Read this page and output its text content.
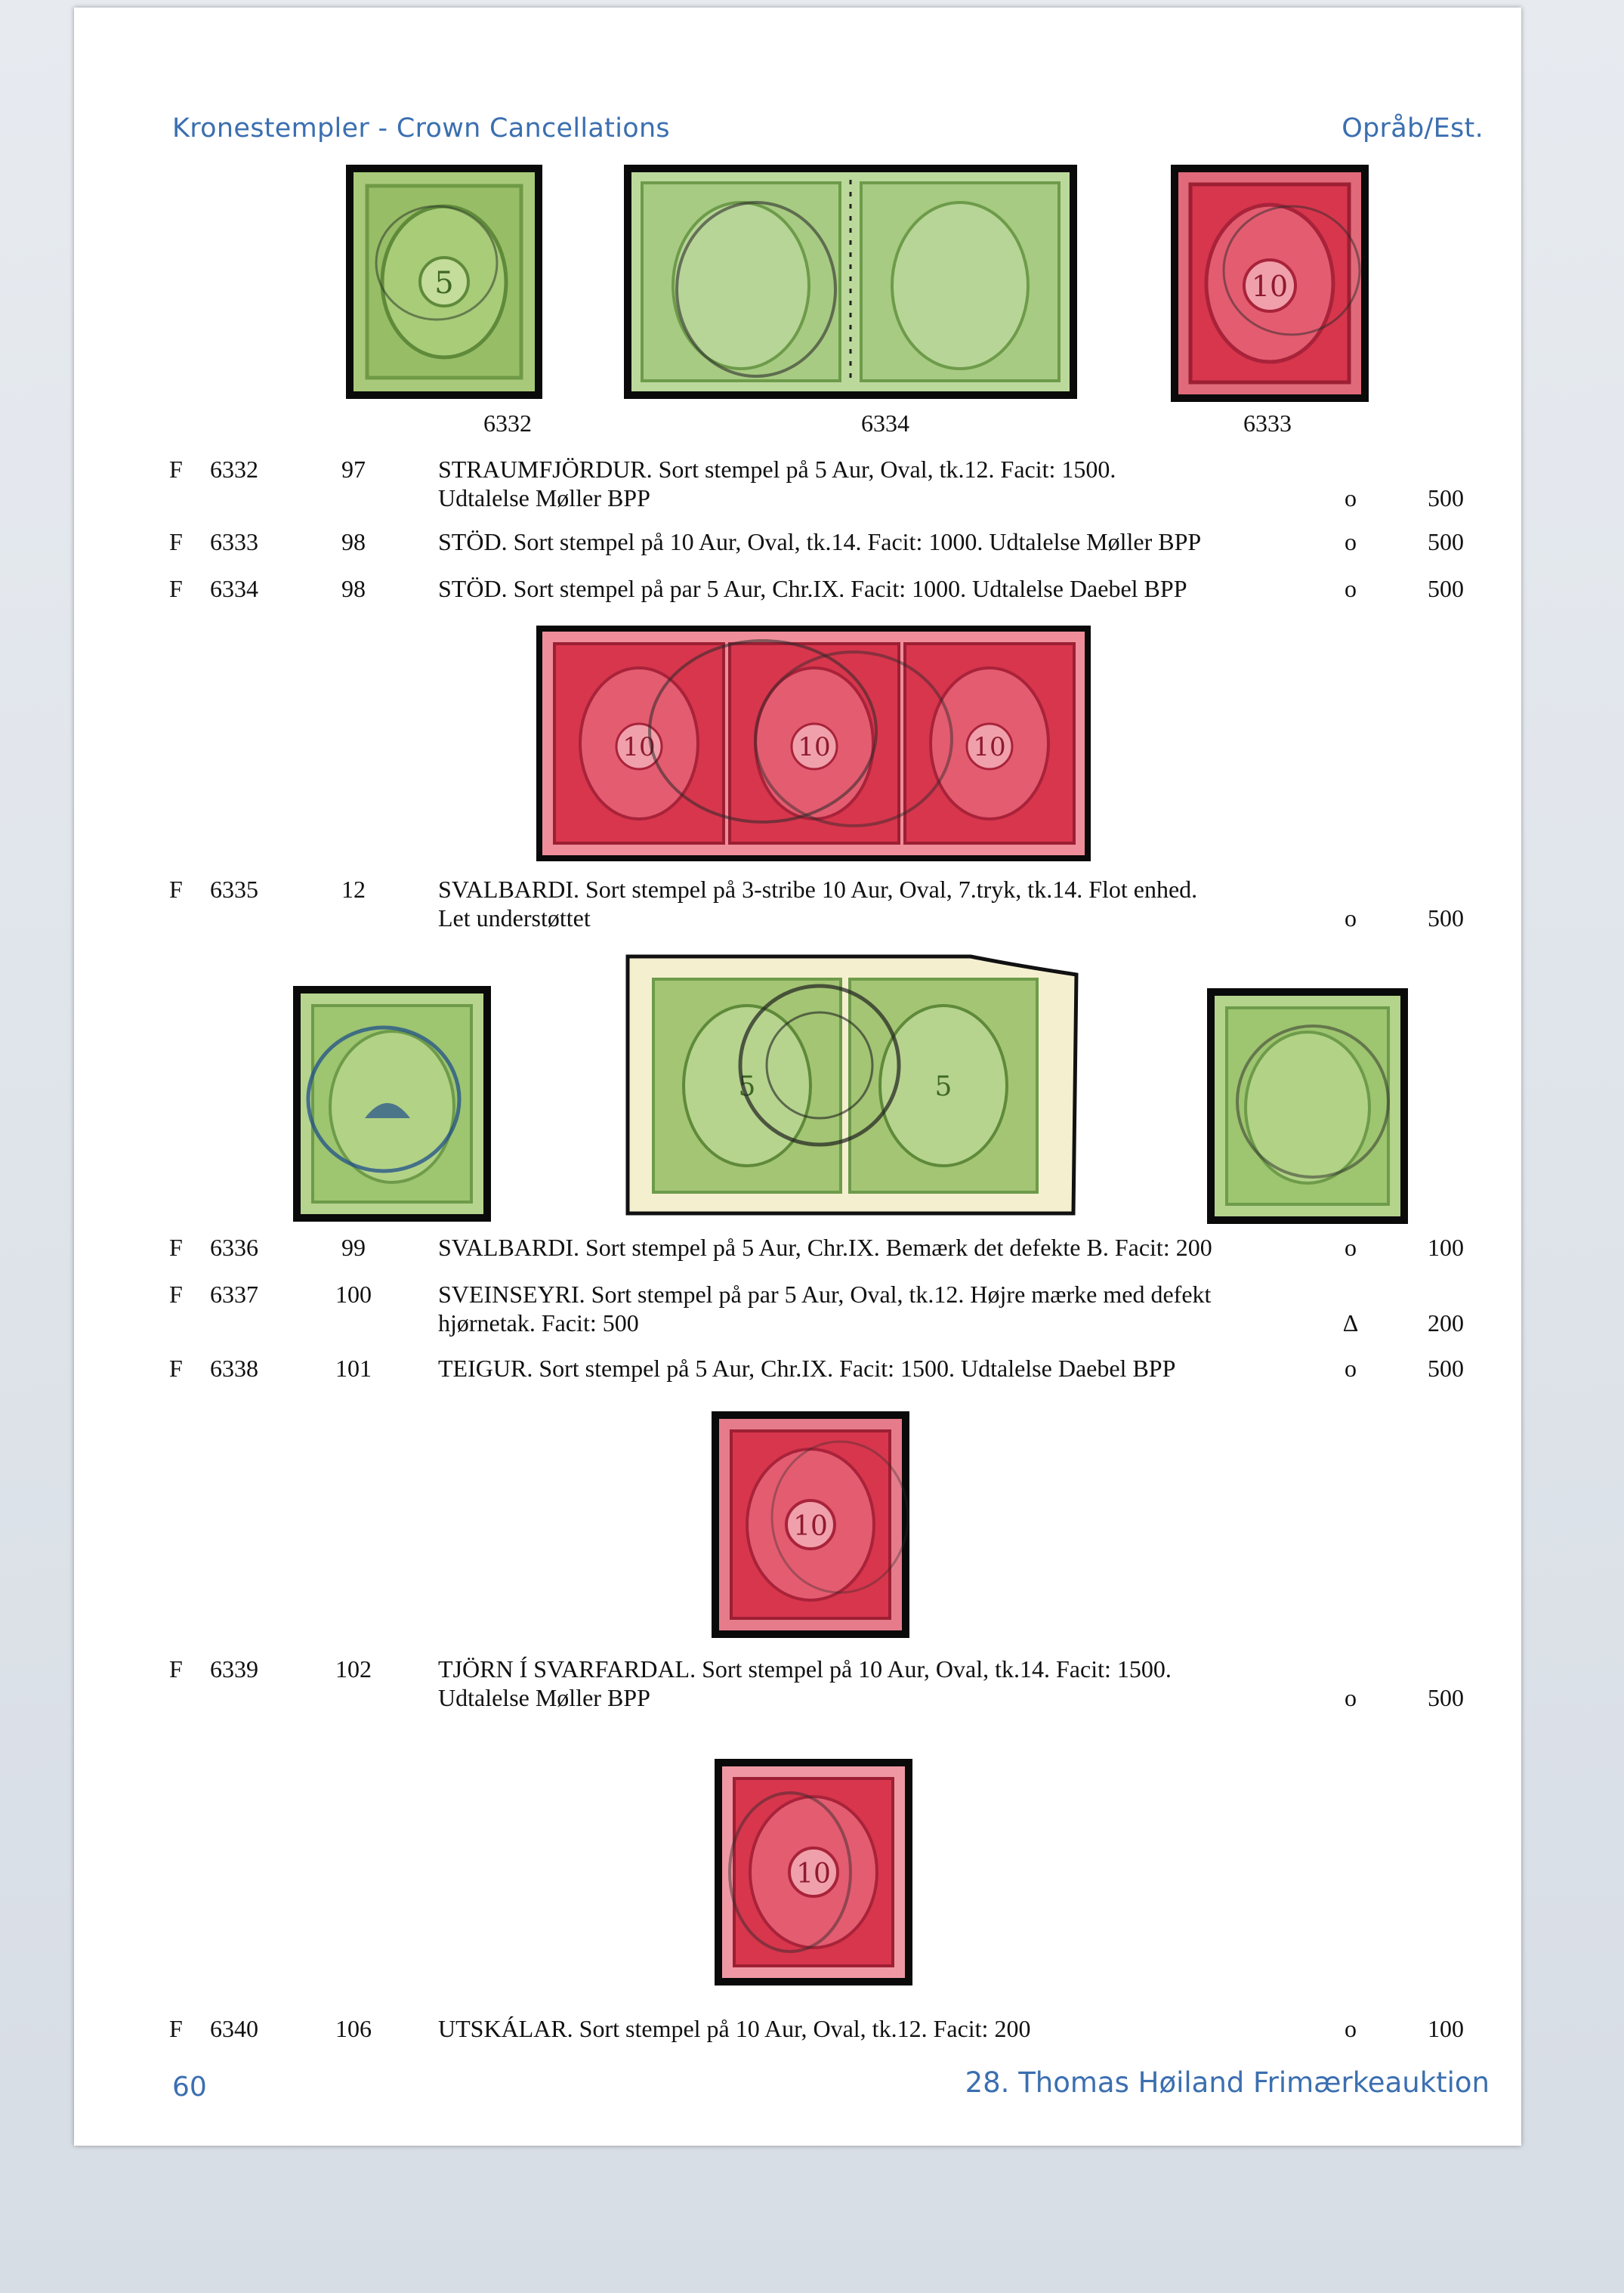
Kronestempler - Crown Cancellations	Opråb/Est.
5	10
6332	6334	6333
F 6332	97	STRAUMFJÖRDUR. Sort stempel på 5 Aur, Oval, tk.12. Facit: 1500.
Udtalelse Møller BPP	o	500
F 6333	98	STÖD. Sort stempel på 10 Aur, Oval, tk.14. Facit: 1000. Udtalelse Møller BPP	o	500
F 6334	98	STÖD. Sort stempel på par 5 Aur, Chr.IX. Facit: 1000. Udtalelse Daebel BPP	o	500
10	10	10
F 6335	12	SVALBARDI. Sort stempel på 3-stribe 10 Aur, Oval, 7.tryk, tk.14. Flot enhed.
Let understøttet	o	500
5	5
F 6336	99	SVALBARDI. Sort stempel på 5 Aur, Chr.IX. Bemærk det defekte B. Facit: 200	o	100
F 6337	100	SVEINSEYRI. Sort stempel på par 5 Aur, Oval, tk.12. Højre mærke med defekt
hjørnetak. Facit: 500	Δ	200
F 6338	101	TEIGUR. Sort stempel på 5 Aur, Chr.IX. Facit: 1500. Udtalelse Daebel BPP	o	500
10
F 6339	102	TJÖRN Í SVARFARDAL. Sort stempel på 10 Aur, Oval, tk.14. Facit: 1500.
Udtalelse Møller BPP	o	500
10
F 6340	106	UTSKÁLAR. Sort stempel på 10 Aur, Oval, tk.12. Facit: 200	o	100
60	28. Thomas Høiland Frimærkeauktion
